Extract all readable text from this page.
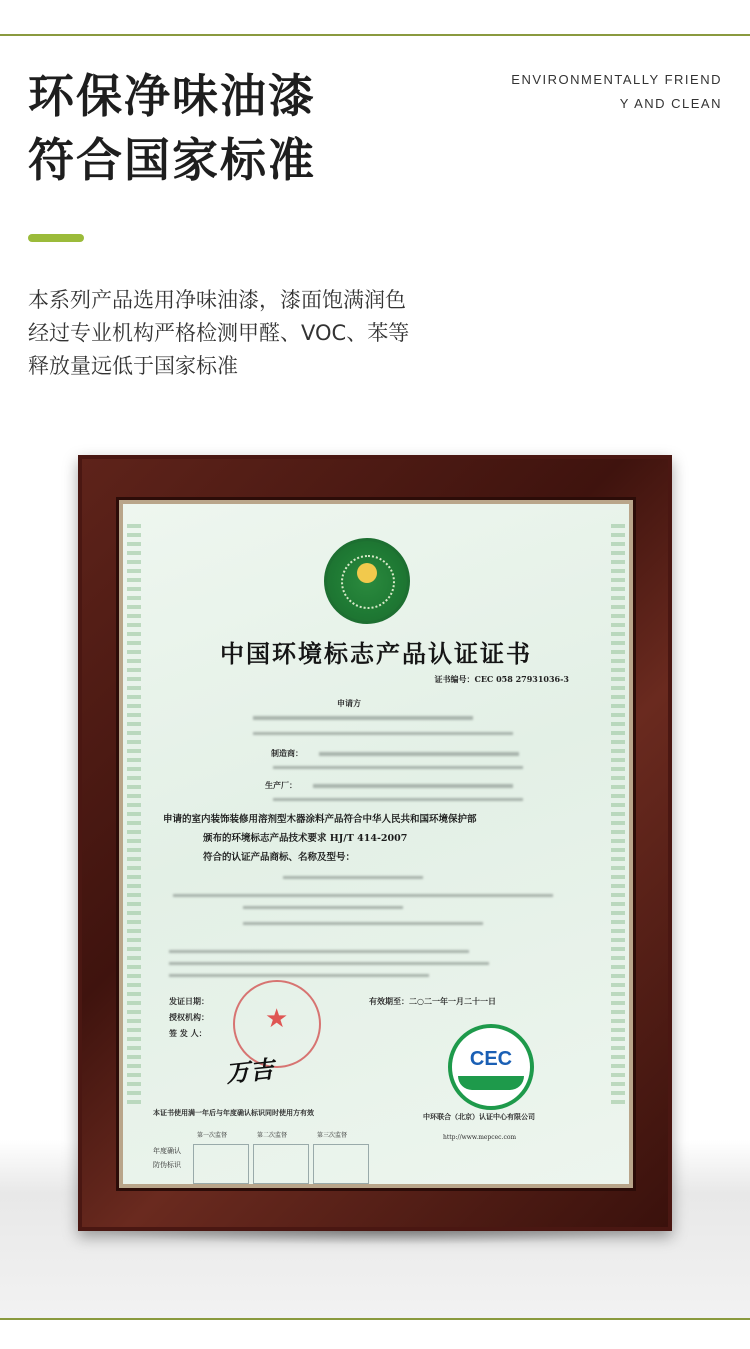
环保净味油漆
符合国家标准
ENVIRONMENTALLY FRIEND
Y AND CLEAN
本系列产品选用净味油漆，漆面饱满润色
经过专业机构严格检测甲醛、VOC、苯等
释放量远低于国家标准
中国环境标志产品认证证书
证书编号：CEC 058 27931036-3
申请方
制造商：
生产厂：
申请的室内装饰装修用溶剂型木器涂料产品符合中华人民共和国环境保护部
颁布的环境标志产品技术要求 HJ/T 414-2007
符合的认证产品商标、名称及型号：
发证日期：	有效期至：二○二一年一月二十一日
授权机构：
签 发 人： ★
万吉	CEC
本证书使用满一年后与年度确认标识同时使用方有效
第一次监督	第二次监督	第三次监督
年度确认
防伪标识
中环联合（北京）认证中心有限公司
http://www.mepcec.com
